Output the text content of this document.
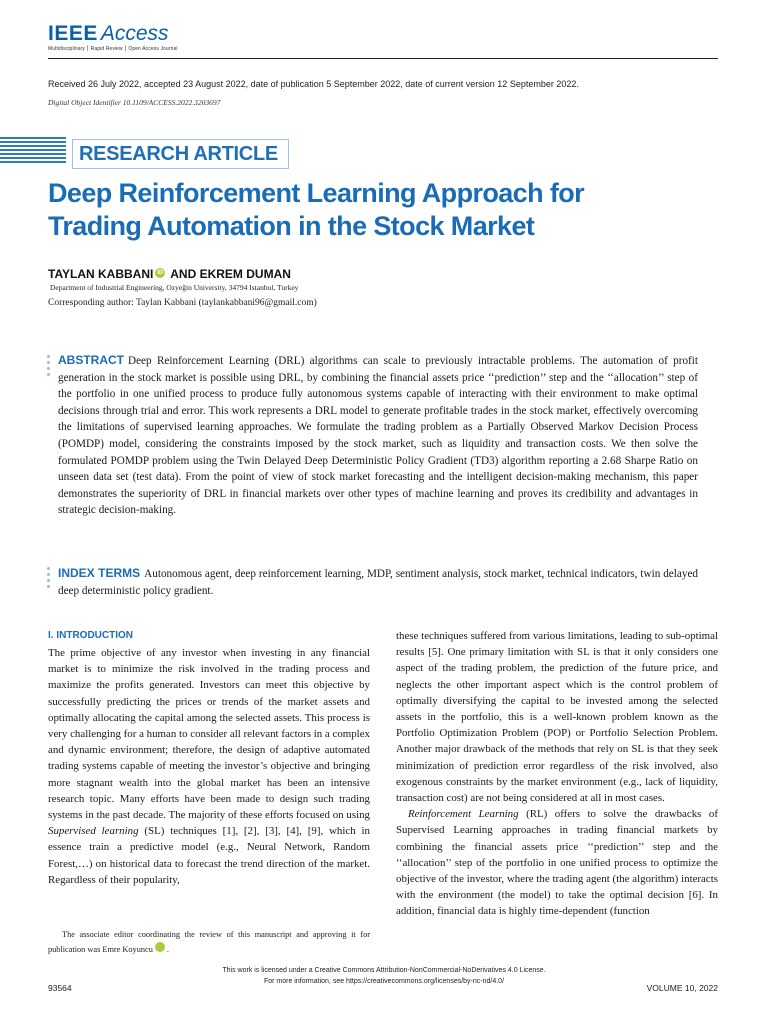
IEEE Access
Multidisciplinary ⎮ Rapid Review ⎮ Open Access Journal
Received 26 July 2022, accepted 23 August 2022, date of publication 5 September 2022, date of current version 12 September 2022.
Digital Object Identifier 10.1109/ACCESS.2022.3203697
RESEARCH ARTICLE
Deep Reinforcement Learning Approach for
Trading Automation in the Stock Market
TAYLAN KABBANI iD AND EKREM DUMAN
Department of Industrial Engineering, Ozyeğin University, 34794 Istanbul, Turkey
Corresponding author: Taylan Kabbani (taylankabbani96@gmail.com)
ABSTRACT Deep Reinforcement Learning (DRL) algorithms can scale to previously intractable problems. The automation of profit generation in the stock market is possible using DRL, by combining the financial assets price ‘‘prediction’’ step and the ‘‘allocation’’ step of the portfolio in one unified process to produce fully autonomous systems capable of interacting with their environment to make optimal decisions through trial and error. This work represents a DRL model to generate profitable trades in the stock market, effectively overcoming the limitations of supervised learning approaches. We formulate the trading problem as a Partially Observed Markov Decision Process (POMDP) model, considering the constraints imposed by the stock market, such as liquidity and transaction costs. We then solve the formulated POMDP problem using the Twin Delayed Deep Deterministic Policy Gradient (TD3) algorithm reporting a 2.68 Sharpe Ratio on unseen data set (test data). From the point of view of stock market forecasting and the intelligent decision-making mechanism, this paper demonstrates the superiority of DRL in financial markets over other types of machine learning and proves its credibility and advantages in strategic decision-making.
INDEX TERMS Autonomous agent, deep reinforcement learning, MDP, sentiment analysis, stock market, technical indicators, twin delayed deep deterministic policy gradient.
I. INTRODUCTION

The prime objective of any investor when investing in any financial market is to minimize the risk involved in the trading process and maximize the profits generated. Investors can meet this objective by successfully predicting the prices or trends of the market assets and optimally allocating the capital among the selected assets. This process is very challenging for a human to consider all relevant factors in a complex and dynamic environment; therefore, the design of adaptive automated trading systems capable of meeting the investor’s objective and bringing more stagnant wealth into the global market has been an intensive research topic. Many efforts have been made to design such trading systems in the past decade. The majority of these efforts focused on using Supervised learning (SL) techniques [1], [2], [3], [4], [9], which in essence train a predictive model (e.g., Neural Network, Random Forest,…) on historical data to forecast the trend direction of the market. Regardless of their popularity,

these techniques suffered from various limitations, leading to sub-optimal results [5]. One primary limitation with SL is that it only considers one aspect of the trading problem, the prediction of the future price, and neglects the other important aspect which is the control problem of optimally diversifying the capital to be invested among the selected assets in the portfolio, this is a well-known problem known as the Portfolio Optimization Problem (POP) or Portfolio Selection Problem. Another major drawback of the methods that rely on SL is that they seek minimization of prediction error regardless of the risk involved, also exogenous constraints by the market environment (e.g., lack of liquidity, transaction cost) are not being considered at all in most cases.

Reinforcement Learning (RL) offers to solve the drawbacks of Supervised Learning approaches in trading financial markets by combining the financial assets price ‘‘prediction’’ step and the ‘‘allocation’’ step of the portfolio in one unified process to optimize the objective of the investor, where the trading agent (the algorithm) interacts with the environment (the model) to take the optimal decision [6]. In addition, financial data is highly time-dependent (function

The associate editor coordinating the review of this manuscript and approving it for publication was Emre Koyuncu	iD.

This work is licensed under a Creative Commons Attribution-NonCommercial-NoDerivatives 4.0 License.
For more information, see https://creativecommons.org/licenses/by-nc-nd/4.0/
93564	VOLUME 10, 2022
